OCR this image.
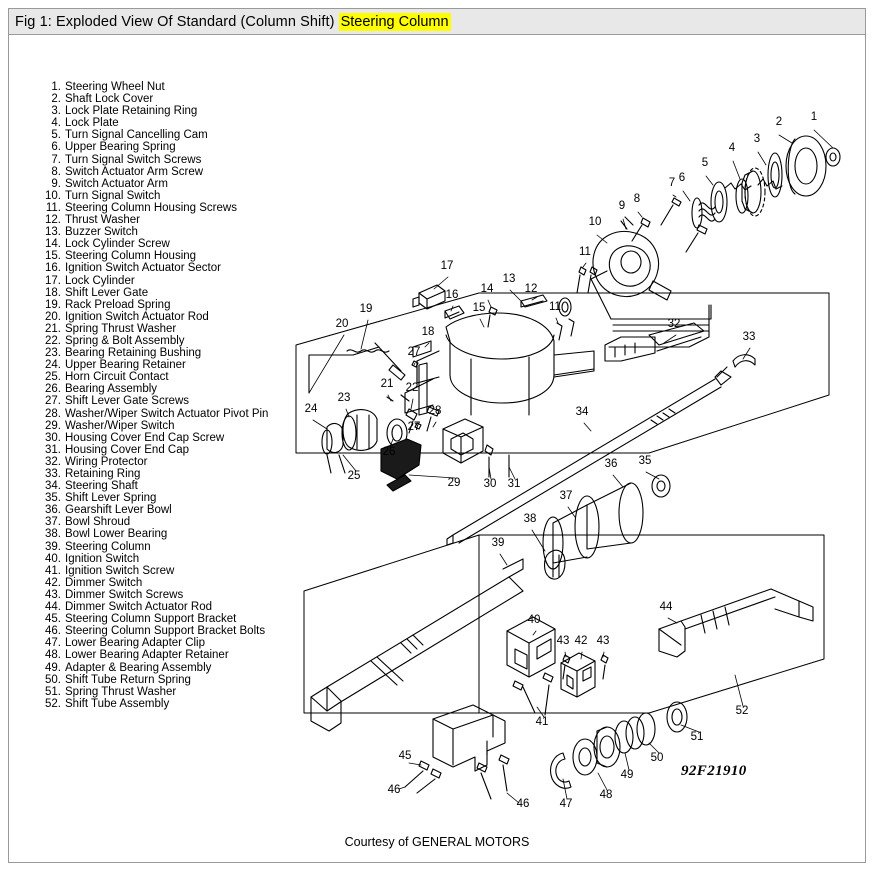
Fig 1: Exploded View Of Standard (Column Shift) Steering Column
1. Steering Wheel Nut
2. Shaft Lock Cover
3. Lock Plate Retaining Ring
4. Lock Plate
5. Turn Signal Cancelling Cam
6. Upper Bearing Spring
7. Turn Signal Switch Screws
8. Switch Actuator Arm Screw
9. Switch Actuator Arm
10. Turn Signal Switch
11. Steering Column Housing Screws
12. Thrust Washer
13. Buzzer Switch
14. Lock Cylinder Screw
15. Steering Column Housing
16. Ignition Switch Actuator Sector
17. Lock Cylinder
18. Shift Lever Gate
19. Rack Preload Spring
20. Ignition Switch Actuator Rod
21. Spring Thrust Washer
22. Spring & Bolt Assembly
23. Bearing Retaining Bushing
24. Upper Bearing Retainer
25. Horn Circuit Contact
26. Bearing Assembly
27. Shift Lever Gate Screws
28. Washer/Wiper Switch Actuator Pivot Pin
29. Washer/Wiper Switch
30. Housing Cover End Cap Screw
31. Housing Cover End Cap
32. Wiring Protector
33. Retaining Ring
34. Steering Shaft
35. Shift Lever Spring
36. Gearshift Lever Bowl
37. Bowl Shroud
38. Bowl Lower Bearing
39. Steering Column
40. Ignition Switch
41. Ignition Switch Screw
42. Dimmer Switch
43. Dimmer Switch Screws
44. Dimmer Switch Actuator Rod
45. Steering Column Support Bracket
46. Steering Column Support Bracket Bolts
47. Lower Bearing Adapter Clip
48. Lower Bearing Adapter Retainer
49. Adapter & Bearing Assembly
50. Shift Tube Return Spring
51. Spring Thrust Washer
52. Shift Tube Assembly
1
2
3
4
5
6
7
8
9
10
11
11
12
13
14
15
16
17
18
19
20
21 22
23
24
25
26
27
27
28
29 30 31
32
33
34
35
36
37
38
39
40
41
42
43 43
44
45
46
46	47
48
49
50
51
52
92F21910
Courtesy of GENERAL MOTORS
